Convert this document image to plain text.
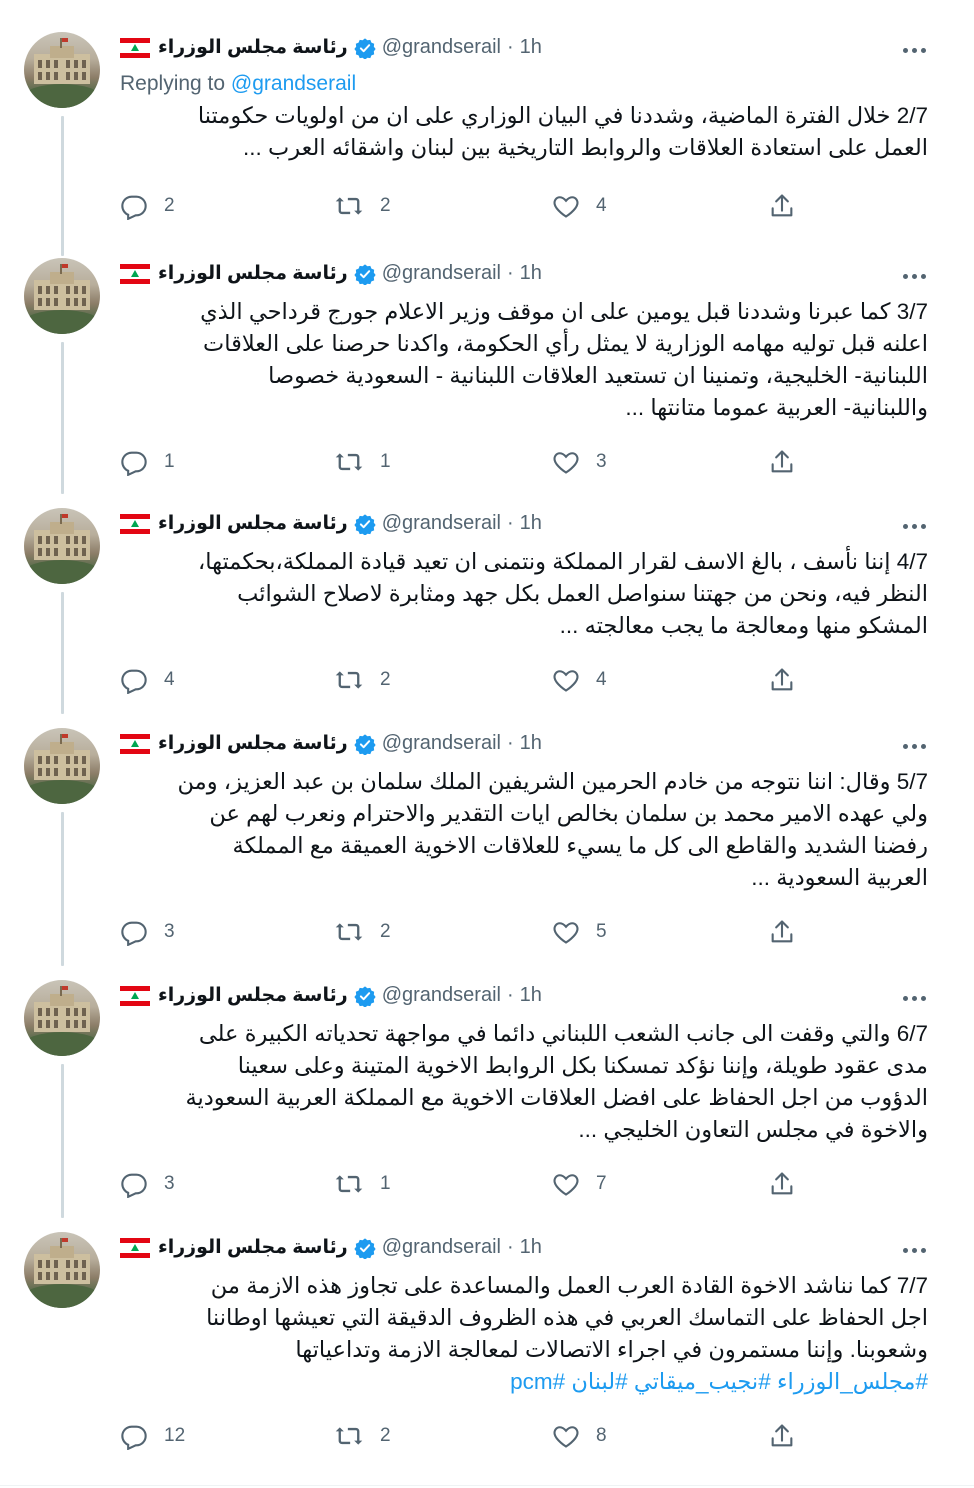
رئاسة مجلس الوزراء @grandserail · 1h
Replying to @grandserail
2/7 خلال الفترة الماضية، وشددنا في البيان الوزاري على ان من اولويات حكومتنا
العمل على استعادة العلاقات والروابط التاريخية بين لبنان واشقائه العرب ...
2	2	4
رئاسة مجلس الوزراء @grandserail · 1h
3/7 كما عبرنا وشددنا قبل يومين على ان موقف وزير الاعلام جورج قرداحي الذي
اعلنه قبل توليه مهامه الوزارية لا يمثل رأي الحكومة، واكدنا حرصنا على العلاقات
اللبنانية- الخليجية، وتمنينا ان تستعيد العلاقات اللبنانية - السعودية خصوصا
واللبنانية- العربية عموما متانتها ...
1	1	3
رئاسة مجلس الوزراء @grandserail · 1h
4/7 إننا نأسف ، بالغ الاسف لقرار المملكة ونتمنى ان تعيد قيادة المملكة،بحكمتها،
النظر فيه، ونحن من جهتنا سنواصل العمل بكل جهد ومثابرة لاصلاح الشوائب
المشكو منها ومعالجة ما يجب معالجته ...
4	2	4
رئاسة مجلس الوزراء @grandserail · 1h
5/7 وقال: اننا نتوجه من خادم الحرمين الشريفين الملك سلمان بن عبد العزيز، ومن
ولي عهده الامير محمد بن سلمان بخالص ايات التقدير والاحترام ونعرب لهم عن
رفضنا الشديد والقاطع الى كل ما يسيء للعلاقات الاخوية العميقة مع المملكة
العربية السعودية ...
3	2	5
رئاسة مجلس الوزراء @grandserail · 1h
6/7 والتي وقفت الى جانب الشعب اللبناني دائما في مواجهة تحدياته الكبيرة على
مدى عقود طويلة، وإننا نؤكد تمسكنا بكل الروابط الاخوية المتينة وعلى سعينا
الدؤوب من اجل الحفاظ على افضل العلاقات الاخوية مع المملكة العربية السعودية
والاخوة في مجلس التعاون الخليجي ...
3	1	7
رئاسة مجلس الوزراء @grandserail · 1h
7/7 كما نناشد الاخوة القادة العرب العمل والمساعدة على تجاوز هذه الازمة من
اجل الحفاظ على التماسك العربي في هذه الظروف الدقيقة التي تعيشها اوطاننا
وشعوبنا. وإننا مستمرون في اجراء الاتصالات لمعالجة الازمة وتداعياتها
#مجلس_الوزراء #نجيب_ميقاتي #لبنان #pcm
12	2	8
